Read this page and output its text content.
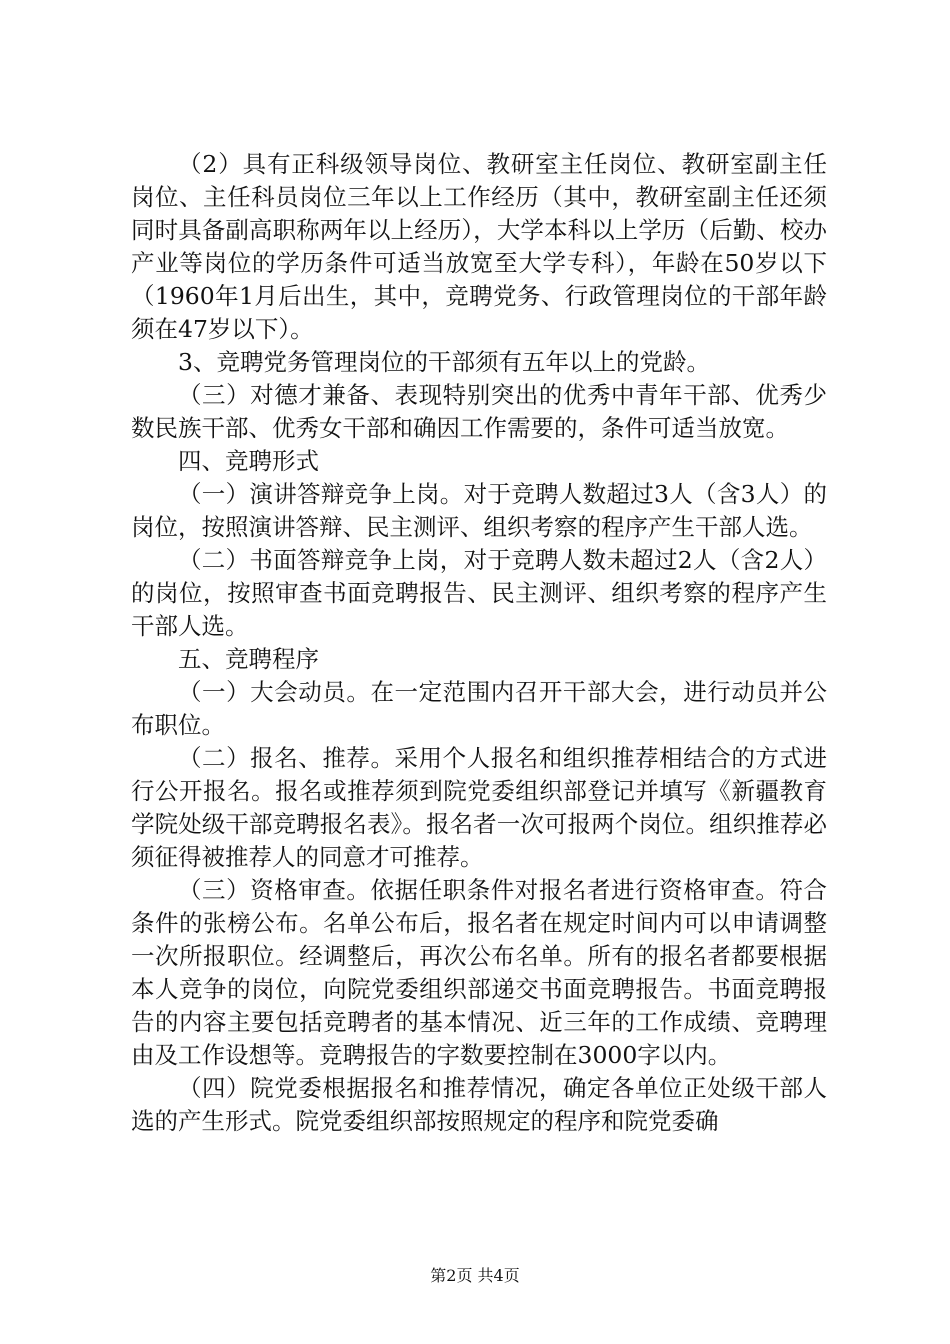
（2）具有正科级领导岗位、教研室主任岗位、教研室副主任岗位、主任科员岗位三年以上工作经历（其中，教研室副主任还须同时具备副高职称两年以上经历），大学本科以上学历（后勤、校办产业等岗位的学历条件可适当放宽至大学专科），年龄在50岁以下（1960年1月后出生，其中，竞聘党务、行政管理岗位的干部年龄须在47岁以下）。

3、竞聘党务管理岗位的干部须有五年以上的党龄。

（三）对德才兼备、表现特别突出的优秀中青年干部、优秀少数民族干部、优秀女干部和确因工作需要的，条件可适当放宽。

四、竞聘形式

（一）演讲答辩竞争上岗。对于竞聘人数超过3人（含3人）的岗位，按照演讲答辩、民主测评、组织考察的程序产生干部人选。

（二）书面答辩竞争上岗，对于竞聘人数未超过2人（含2人）的岗位，按照审查书面竞聘报告、民主测评、组织考察的程序产生干部人选。

五、竞聘程序

（一）大会动员。在一定范围内召开干部大会，进行动员并公布职位。

（二）报名、推荐。采用个人报名和组织推荐相结合的方式进行公开报名。报名或推荐须到院党委组织部登记并填写《新疆教育学院处级干部竞聘报名表》。报名者一次可报两个岗位。组织推荐必须征得被推荐人的同意才可推荐。

（三）资格审查。依据任职条件对报名者进行资格审查。符合条件的张榜公布。名单公布后，报名者在规定时间内可以申请调整一次所报职位。经调整后，再次公布名单。所有的报名者都要根据本人竞争的岗位，向院党委组织部递交书面竞聘报告。书面竞聘报告的内容主要包括竞聘者的基本情况、近三年的工作成绩、竞聘理由及工作设想等。竞聘报告的字数要控制在3000字以内。

（四）院党委根据报名和推荐情况，确定各单位正处级干部人选的产生形式。院党委组织部按照规定的程序和院党委确

第2页 共4页
